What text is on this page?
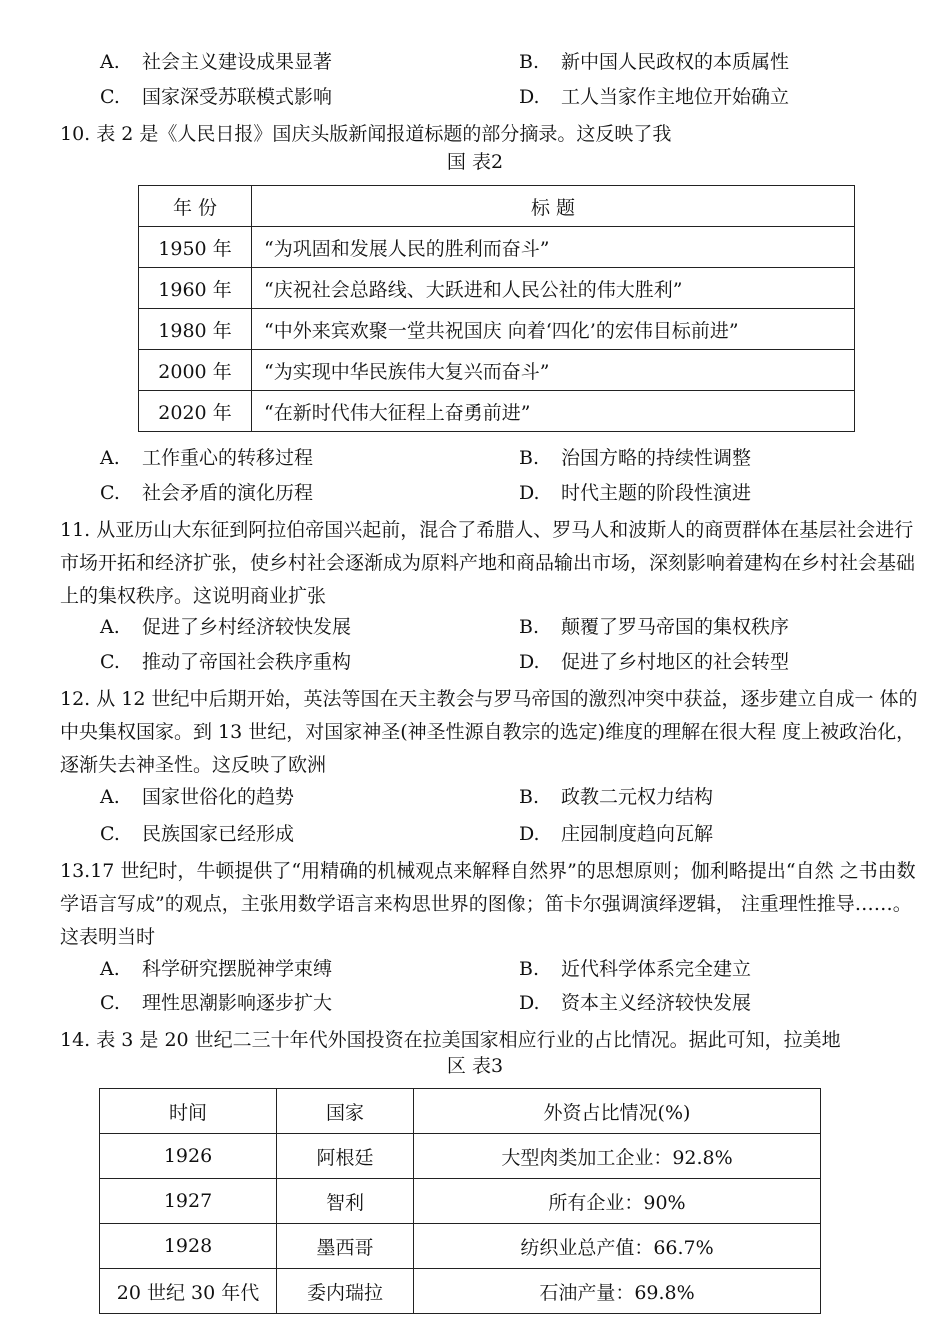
A. 社会主义建设成果显著	B. 新中国人民政权的本质属性
C. 国家深受苏联模式影响	D. 工人当家作主地位开始确立
10. 表 2 是《人民日报》国庆头版新闻报道标题的部分摘录。这反映了我
国 表2
年 份	标 题
1950 年	“为巩固和发展人民的胜利而奋斗”
1960 年	“庆祝社会总路线、大跃进和人民公社的伟大胜利”
1980 年	“中外来宾欢聚一堂共祝国庆 向着‘四化’的宏伟目标前进”
2000 年	“为实现中华民族伟大复兴而奋斗”
2020 年	“在新时代伟大征程上奋勇前进”
A. 工作重心的转移过程	B. 治国方略的持续性调整
C. 社会矛盾的演化历程	D. 时代主题的阶段性演进
11. 从亚历山大东征到阿拉伯帝国兴起前，混合了希腊人、罗马人和波斯人的商贾群体在基层社会进行市场开拓和经济扩张，使乡村社会逐渐成为原料产地和商品输出市场，深刻影响着建构在乡村社会基础上的集权秩序。这说明商业扩张
A. 促进了乡村经济较快发展	B. 颠覆了罗马帝国的集权秩序
C. 推动了帝国社会秩序重构	D. 促进了乡村地区的社会转型
12. 从 12 世纪中后期开始，英法等国在天主教会与罗马帝国的激烈冲突中获益，逐步建立自成一 体的中央集权国家。到 13 世纪，对国家神圣(神圣性源自教宗的选定)维度的理解在很大程 度上被政治化，逐渐失去神圣性。这反映了欧洲
A. 国家世俗化的趋势	B. 政教二元权力结构
C. 民族国家已经形成	D. 庄园制度趋向瓦解
13.17 世纪时，牛顿提供了“用精确的机械观点来解释自然界”的思想原则；伽利略提出“自然 之书由数学语言写成”的观点，主张用数学语言来构思世界的图像；笛卡尔强调演绎逻辑， 注重理性推导……。这表明当时
A. 科学研究摆脱神学束缚	B. 近代科学体系完全建立
C. 理性思潮影响逐步扩大	D. 资本主义经济较快发展
14. 表 3 是 20 世纪二三十年代外国投资在拉美国家相应行业的占比情况。据此可知，拉美地
区 表3
时间	国家	外资占比情况(%)
1926	阿根廷	大型肉类加工企业：92.8%
1927	智利	所有企业：90%
1928	墨西哥	纺织业总产值：66.7%
20 世纪 30 年代	委内瑞拉	石油产量：69.8%
